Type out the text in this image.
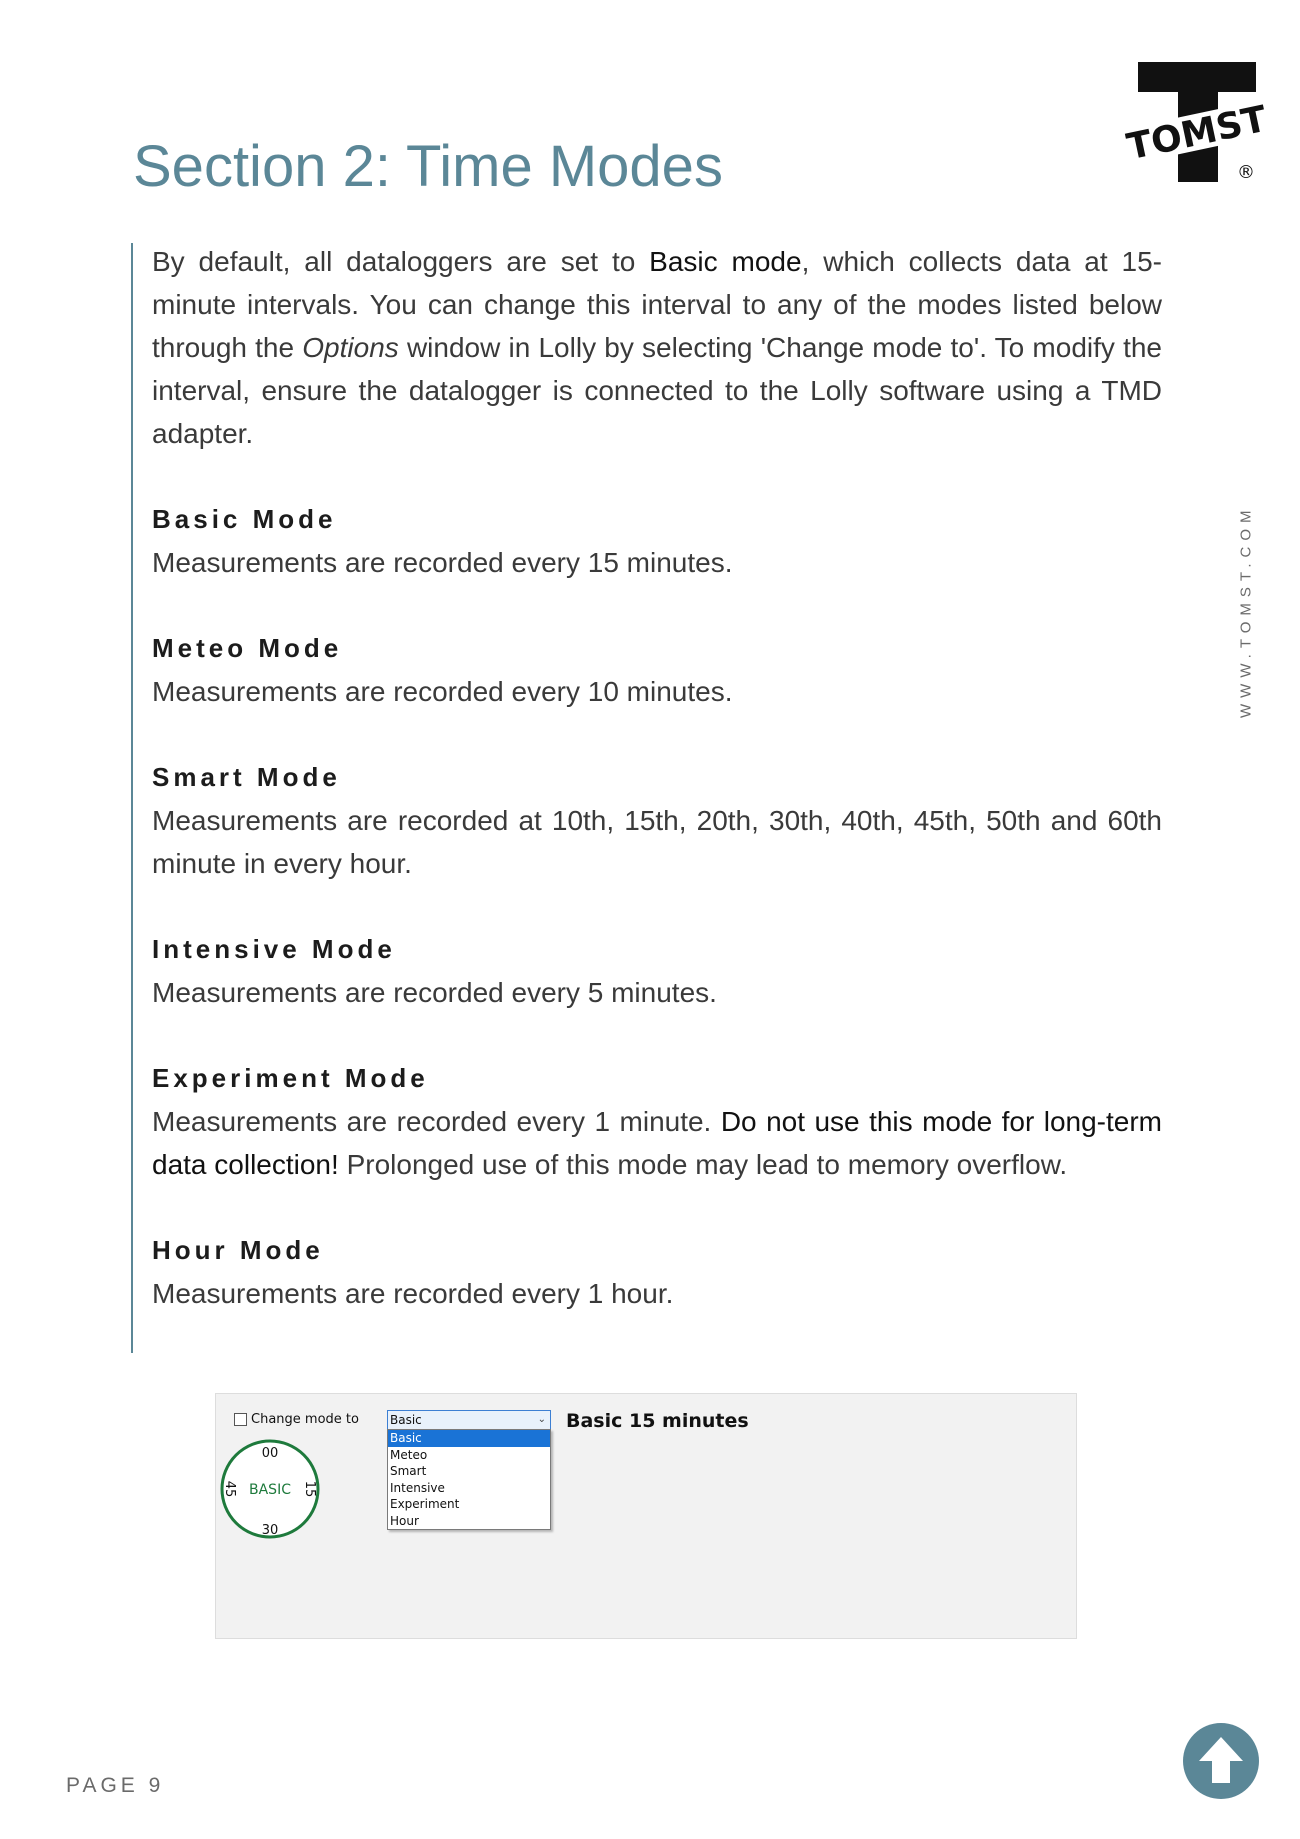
TOMST
®
Section 2: Time Modes
WWW.TOMST.COM

By default, all dataloggers are set to Basic mode, which collects data at 15-minute intervals. You can change this interval to any of the modes listed below through the Options window in Lolly by selecting 'Change mode to'. To modify the interval, ensure the datalogger is connected to the Lolly software using a TMD adapter.

Basic Mode

Measurements are recorded every 15 minutes.

Meteo Mode

Measurements are recorded every 10 minutes.

Smart Mode

Measurements are recorded at 10th, 15th, 20th, 30th, 40th, 45th, 50th and 60th minute in every hour.

Intensive Mode

Measurements are recorded every 5 minutes.

Experiment Mode

Measurements are recorded every 1 minute. Do not use this mode for long-term data collection! Prolonged use of this mode may lead to memory overflow.

Hour Mode

Measurements are recorded every 1 hour.

Change mode to
00
30
15
45 BASIC
Basic	⌄
Basic
Meteo
Smart
Intensive
Experiment
Hour
Basic 15 minutes
PAGE 9
